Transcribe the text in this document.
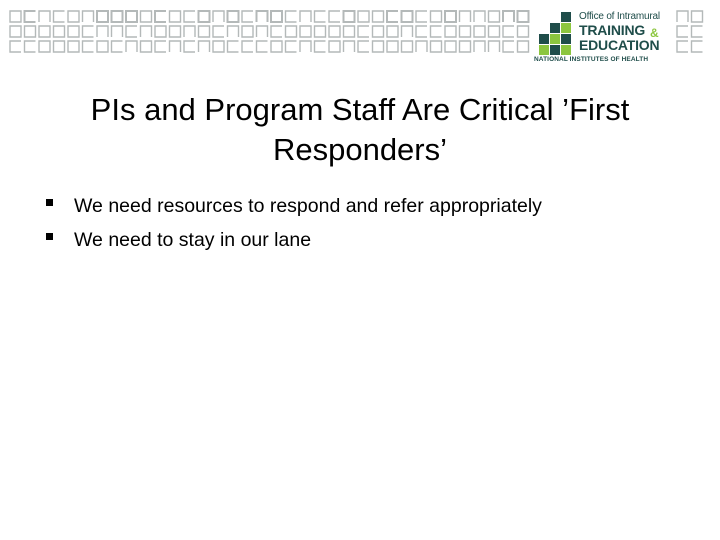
Office of Intramural
TRAINING &
EDUCATION
NATIONAL INSTITUTES OF HEALTH
PIs and Program Staff Are Critical ’First Responders’
We need resources to respond and refer appropriately
We need to stay in our lane
